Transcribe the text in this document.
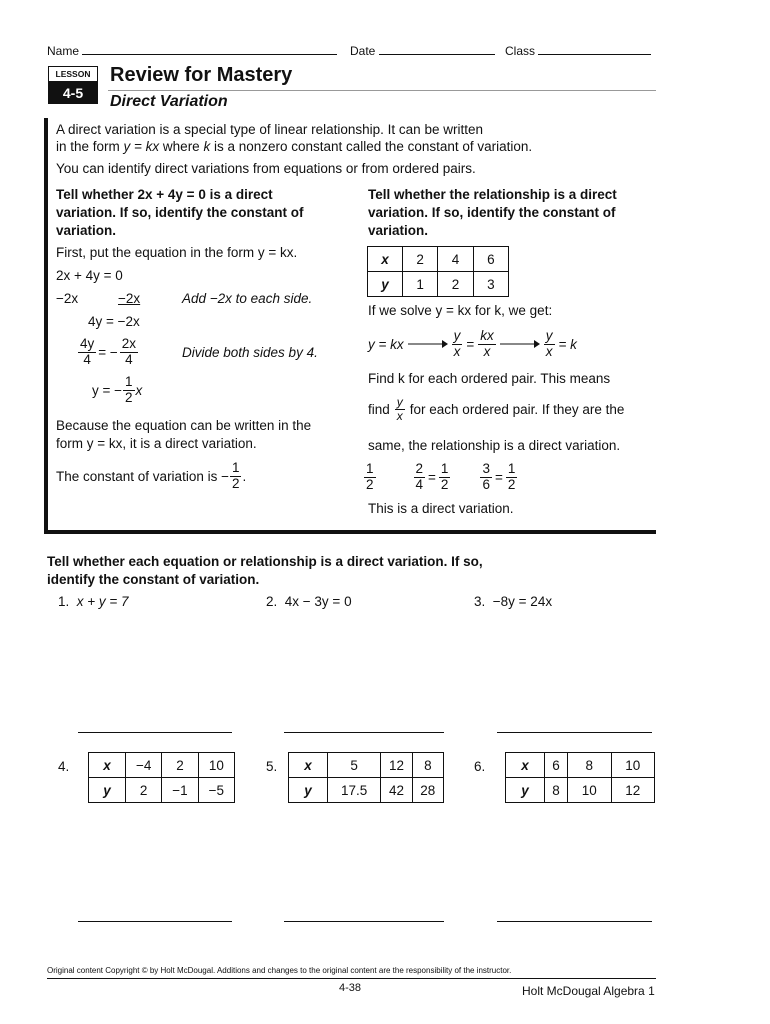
Name	Date	Class
LESSON
4-5
Review for Mastery
Direct Variation
A direct variation is a special type of linear relationship. It can be written
in the form y = kx where k is a nonzero constant called the constant of variation.
You can identify direct variations from equations or from ordered pairs.
Tell whether 2x + 4y = 0 is a direct
variation. If so, identify the constant of
variation.
First, put the equation in the form y = kx.
2x + 4y = 0
−2x	−2x	Add −2x to each side.
4y = −2x
$\frac{4y}{4}$ = − $\frac{2x}{4}$	Divide both sides by 4.
y = − $\frac{1}{2}$ x
Because the equation can be written in the
form y = kx, it is a direct variation.
The constant of variation is − $\frac{1}{2}$ .
Tell whether the relationship is a direct
variation. If so, identify the constant of
variation.
x	2	4	6
y	1	2	3
If we solve y = kx for k, we get:
y = kx	$\frac{y}{x} = \frac{kx}{x}$	$\frac{y}{x} = k$
Find k for each ordered pair. This means
find $\frac{y}{x}$ for each ordered pair. If they are the
same, the relationship is a direct variation.
$\frac{1}{2}$	$\frac{2}{4} = \frac{1}{2} \frac{3}{6} = \frac{1}{2}$
This is a direct variation.
Tell whether each equation or relationship is a direct variation. If so,
identify the constant of variation.
1. x + y = 7	2. 4x − 3y = 0	3. −8y = 24x
4.	x	−4	2	10
y	2	−1	−5
5. x	5	12	8
y	17.5	42	28
6.	x	6	8	10
y	8	10	12
Original content Copyright © by Holt McDougal. Additions and changes to the original content are the responsibility of the instructor.
4-38	Holt McDougal Algebra 1
